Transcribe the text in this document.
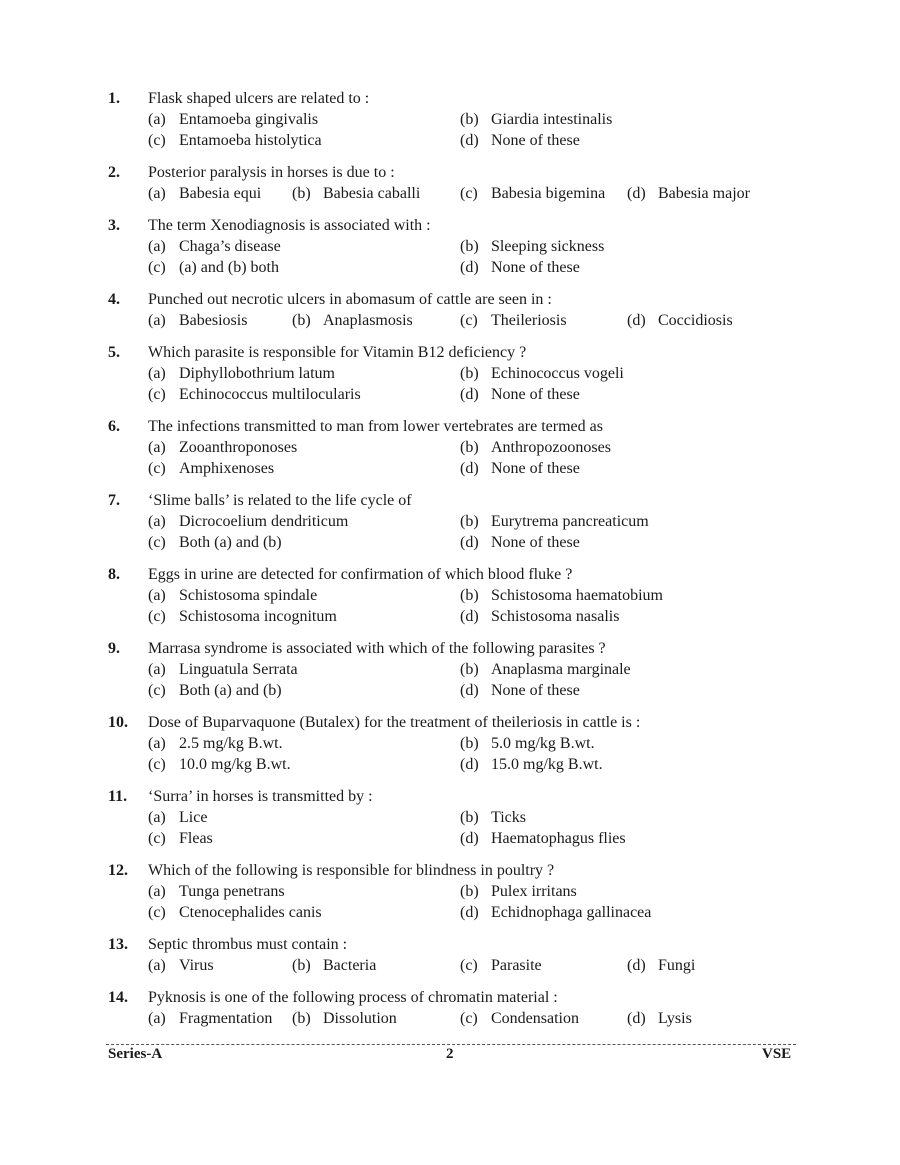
1. Flask shaped ulcers are related to :
(a) Entamoeba gingivalis	(b) Giardia intestinalis
(c) Entamoeba histolytica	(d) None of these
2. Posterior paralysis in horses is due to :
(a) Babesia equi (b) Babesia caballi (c) Babesia bigemina (d) Babesia major
3. The term Xenodiagnosis is associated with :
(a) Chaga’s disease	(b) Sleeping sickness
(c) (a) and (b) both	(d) None of these
4. Punched out necrotic ulcers in abomasum of cattle are seen in :
(a) Babesiosis	(b) Anaplasmosis	(c) Theileriosis	(d) Coccidiosis
5. Which parasite is responsible for Vitamin B12 deficiency ?
(a) Diphyllobothrium latum	(b) Echinococcus vogeli
(c) Echinococcus multilocularis	(d) None of these
6. The infections transmitted to man from lower vertebrates are termed as
(a) Zooanthroponoses	(b) Anthropozoonoses
(c) Amphixenoses	(d) None of these
7. ‘Slime balls’ is related to the life cycle of
(a) Dicrocoelium dendriticum	(b) Eurytrema pancreaticum
(c) Both (a) and (b)	(d) None of these
8. Eggs in urine are detected for confirmation of which blood fluke ?
(a) Schistosoma spindale	(b) Schistosoma haematobium
(c) Schistosoma incognitum	(d) Schistosoma nasalis
9. Marrasa syndrome is associated with which of the following parasites ?
(a) Linguatula Serrata	(b) Anaplasma marginale
(c) Both (a) and (b)	(d) None of these
10. Dose of Buparvaquone (Butalex) for the treatment of theileriosis in cattle is :
(a) 2.5 mg/kg B.wt.	(b) 5.0 mg/kg B.wt.
(c) 10.0 mg/kg B.wt.	(d) 15.0 mg/kg B.wt.
11. ‘Surra’ in horses is transmitted by :
(a) Lice	(b) Ticks
(c) Fleas	(d) Haematophagus flies
12. Which of the following is responsible for blindness in poultry ?
(a) Tunga penetrans	(b) Pulex irritans
(c) Ctenocephalides canis	(d) Echidnophaga gallinacea
13. Septic thrombus must contain :
(a) Virus	(b) Bacteria	(c) Parasite	(d) Fungi
14. Pyknosis is one of the following process of chromatin material :
(a) Fragmentation (b) Dissolution	(c) Condensation	(d) Lysis
Series-A	2	VSE
